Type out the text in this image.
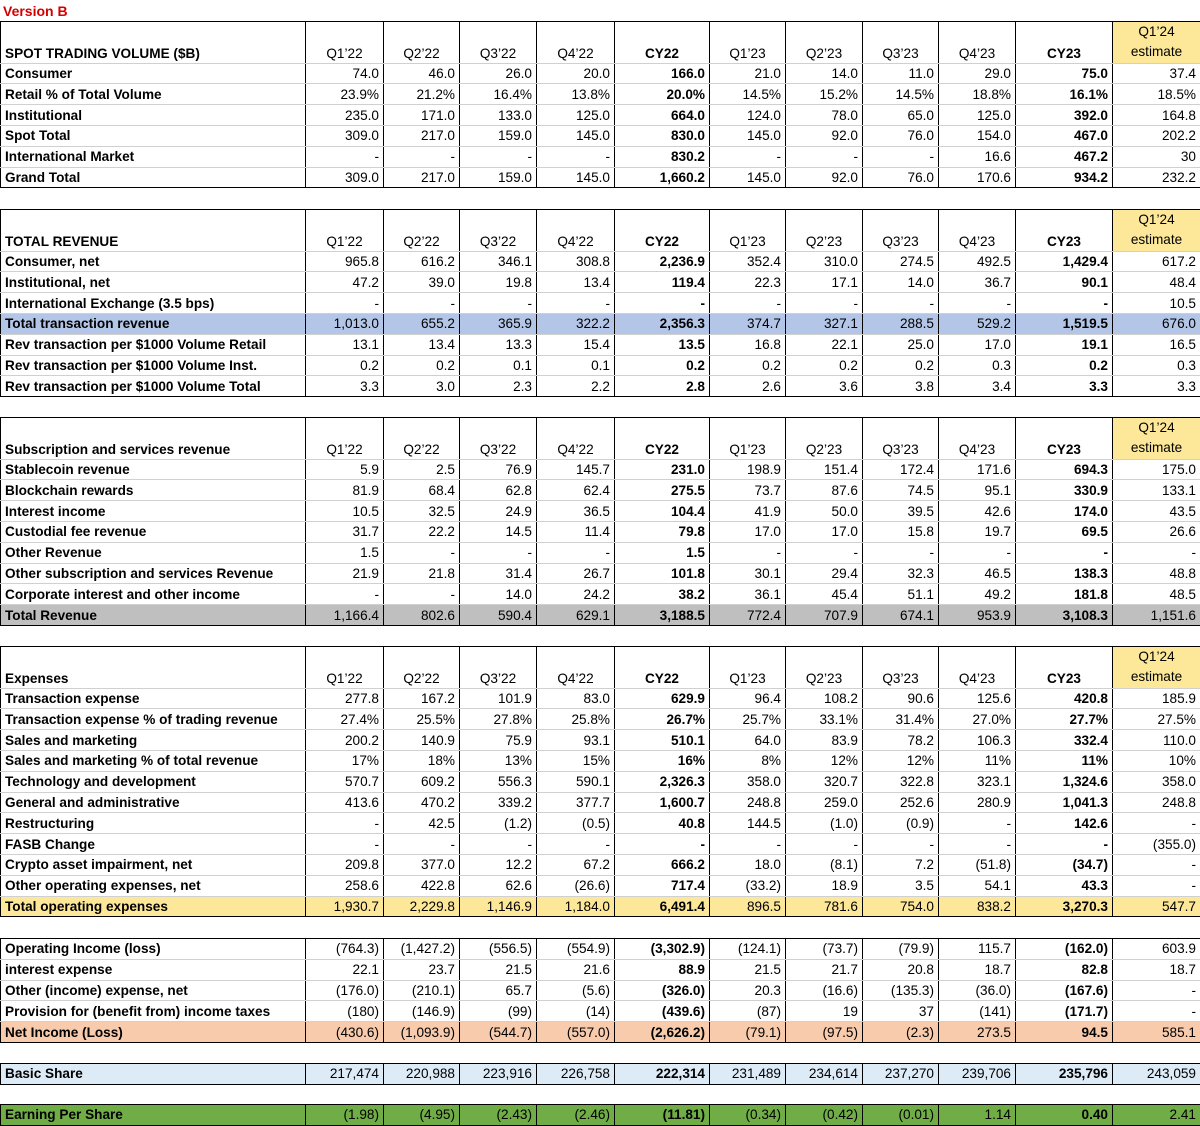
Version B
SPOT TRADING VOLUME ($B)	Q1’22	Q2’22	Q3’22	Q4’22	CY22	Q1’23	Q2’23	Q3’23	Q4’23	CY23	Q1’24
estimate

Consumer	74.0	46.0	26.0	20.0	166.0	21.0	14.0	11.0	29.0	75.0	37.4
Retail % of Total Volume	23.9%	21.2%	16.4%	13.8%	20.0%	14.5%	15.2%	14.5%	18.8%	16.1%	18.5%
Institutional	235.0	171.0	133.0	125.0	664.0	124.0	78.0	65.0	125.0	392.0	164.8
Spot Total	309.0	217.0	159.0	145.0	830.0	145.0	92.0	76.0	154.0	467.0	202.2
International Market	-	-	-	-	830.2	-	-	-	16.6	467.2	30
Grand Total	309.0	217.0	159.0	145.0	1,660.2	145.0	92.0	76.0	170.6	934.2	232.2
TOTAL REVENUE	Q1’22	Q2’22	Q3’22	Q4’22	CY22	Q1’23	Q2’23	Q3’23	Q4’23	CY23	Q1’24
estimate

Consumer, net	965.8	616.2	346.1	308.8	2,236.9	352.4	310.0	274.5	492.5	1,429.4	617.2
Institutional, net	47.2	39.0	19.8	13.4	119.4	22.3	17.1	14.0	36.7	90.1	48.4
International Exchange (3.5 bps)	-	-	-	-	-	-	-	-	-	-	10.5
Total transaction revenue	1,013.0	655.2	365.9	322.2	2,356.3	374.7	327.1	288.5	529.2	1,519.5	676.0
Rev transaction per $1000 Volume Retail	13.1	13.4	13.3	15.4	13.5	16.8	22.1	25.0	17.0	19.1	16.5
Rev transaction per $1000 Volume Inst.	0.2	0.2	0.1	0.1	0.2	0.2	0.2	0.2	0.3	0.2	0.3
Rev transaction per $1000 Volume Total	3.3	3.0	2.3	2.2	2.8	2.6	3.6	3.8	3.4	3.3	3.3
Subscription and services revenue	Q1’22	Q2’22	Q3’22	Q4’22	CY22	Q1’23	Q2’23	Q3’23	Q4’23	CY23	Q1’24
estimate

Stablecoin revenue	5.9	2.5	76.9	145.7	231.0	198.9	151.4	172.4	171.6	694.3	175.0
Blockchain rewards	81.9	68.4	62.8	62.4	275.5	73.7	87.6	74.5	95.1	330.9	133.1
Interest income	10.5	32.5	24.9	36.5	104.4	41.9	50.0	39.5	42.6	174.0	43.5
Custodial fee revenue	31.7	22.2	14.5	11.4	79.8	17.0	17.0	15.8	19.7	69.5	26.6
Other Revenue	1.5	-	-	-	1.5	-	-	-	-	-	-
Other subscription and services Revenue	21.9	21.8	31.4	26.7	101.8	30.1	29.4	32.3	46.5	138.3	48.8
Corporate interest and other income	-	-	14.0	24.2	38.2	36.1	45.4	51.1	49.2	181.8	48.5
Total Revenue	1,166.4	802.6	590.4	629.1	3,188.5	772.4	707.9	674.1	953.9	3,108.3	1,151.6
Expenses	Q1’22	Q2’22	Q3’22	Q4’22	CY22	Q1’23	Q2’23	Q3’23	Q4’23	CY23	Q1’24
estimate

Transaction expense	277.8	167.2	101.9	83.0	629.9	96.4	108.2	90.6	125.6	420.8	185.9
Transaction expense % of trading revenue	27.4%	25.5%	27.8%	25.8%	26.7%	25.7%	33.1%	31.4%	27.0%	27.7%	27.5%
Sales and marketing	200.2	140.9	75.9	93.1	510.1	64.0	83.9	78.2	106.3	332.4	110.0
Sales and marketing % of total revenue	17%	18%	13%	15%	16%	8%	12%	12%	11%	11%	10%
Technology and development	570.7	609.2	556.3	590.1	2,326.3	358.0	320.7	322.8	323.1	1,324.6	358.0
General and administrative	413.6	470.2	339.2	377.7	1,600.7	248.8	259.0	252.6	280.9	1,041.3	248.8
Restructuring	-	42.5	(1.2)	(0.5)	40.8	144.5	(1.0)	(0.9)	-	142.6	-
FASB Change	-	-	-	-	-	-	-	-	-	-	(355.0)
Crypto asset impairment, net	209.8	377.0	12.2	67.2	666.2	18.0	(8.1)	7.2	(51.8)	(34.7)	-
Other operating expenses, net	258.6	422.8	62.6	(26.6)	717.4	(33.2)	18.9	3.5	54.1	43.3	-
Total operating expenses	1,930.7	2,229.8	1,146.9	1,184.0	6,491.4	896.5	781.6	754.0	838.2	3,270.3	547.7
Operating Income (loss)	(764.3)	(1,427.2)	(556.5)	(554.9)	(3,302.9)	(124.1)	(73.7)	(79.9)	115.7	(162.0)	603.9
interest expense	22.1	23.7	21.5	21.6	88.9	21.5	21.7	20.8	18.7	82.8	18.7
Other (income) expense, net	(176.0)	(210.1)	65.7	(5.6)	(326.0)	20.3	(16.6)	(135.3)	(36.0)	(167.6)	-
Provision for (benefit from) income taxes	(180)	(146.9)	(99)	(14)	(439.6)	(87)	19	37	(141)	(171.7)	-
Net Income (Loss)	(430.6)	(1,093.9)	(544.7)	(557.0)	(2,626.2)	(79.1)	(97.5)	(2.3)	273.5	94.5	585.1
Basic Share	217,474	220,988	223,916	226,758	222,314	231,489	234,614	237,270	239,706	235,796	243,059
Earning Per Share	(1.98)	(4.95)	(2.43)	(2.46)	(11.81)	(0.34)	(0.42)	(0.01)	1.14	0.40	2.41
